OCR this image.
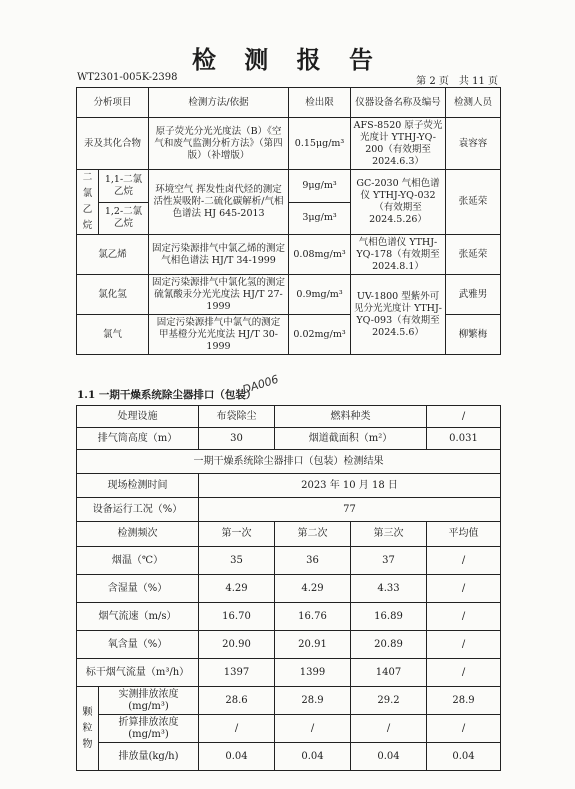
检 测 报 告
WT2301-005K-2398	第 2 页 共 11 页
分析项目		检测方法/依据	检出限	仪器设备名称及编号	检测人员
汞及其化合物		原子荧光分光光度法（B）《空气和废气监测分析方法》（第四版）（补增版）	0.15μg/m³	AFS-8520 原子荧光光度计 YTHJ-YQ-200（有效期至 2024.6.3）	袁容容
二氯乙烷	1,1-二氯乙烷	环境空气 挥发性卤代烃的测定 活性炭吸附-二硫化碳解析/气相色谱法 HJ 645-2013	9μg/m³	GC-2030 气相色谱仪 YTHJ-YQ-032（有效期至 2024.5.26）	张延荣
	1,2-二氯乙烷		3μg/m³		
氯乙烯		固定污染源排气中氯乙烯的测定 气相色谱法 HJ/T 34-1999	0.08mg/m³	气相色谱仪 YTHJ-YQ-178（有效期至 2024.8.1）	张延荣
氯化氢		固定污染源排气中氯化氢的测定硫氰酸汞分光光度法 HJ/T 27-1999	0.9mg/m³	UV-1800 型紫外可见分光光度计 YTHJ-YQ-093（有效期至 2024.5.6）	武雅男
氯气		固定污染源排气中氯气的测定 甲基橙分光光度法 HJ/T 30-1999	0.02mg/m³		柳繁梅
1.1 一期干燥系统除尘器排口（包装）
DA006
处理设施		布袋除尘	燃料种类		/
排气筒高度（m）		30	烟道截面积（m²）		0.031
一期干燥系统除尘器排口（包装）检测结果					
现场检测时间		2023 年 10 月 18 日			
设备运行工况（%）		77			
检测频次		第一次	第二次	第三次	平均值
烟温（℃）		35	36	37	/
含湿量（%）		4.29	4.29	4.33	/
烟气流速（m/s）		16.70	16.76	16.89	/
氧含量（%）		20.90	20.91	20.89	/
标干烟气流量（m³/h）		1397	1399	1407	/
颗粒物	实测排放浓度(mg/m³)	28.6	28.9	29.2	28.9
	折算排放浓度(mg/m³)	/	/	/	/
	排放量(kg/h)	0.04	0.04	0.04	0.04
